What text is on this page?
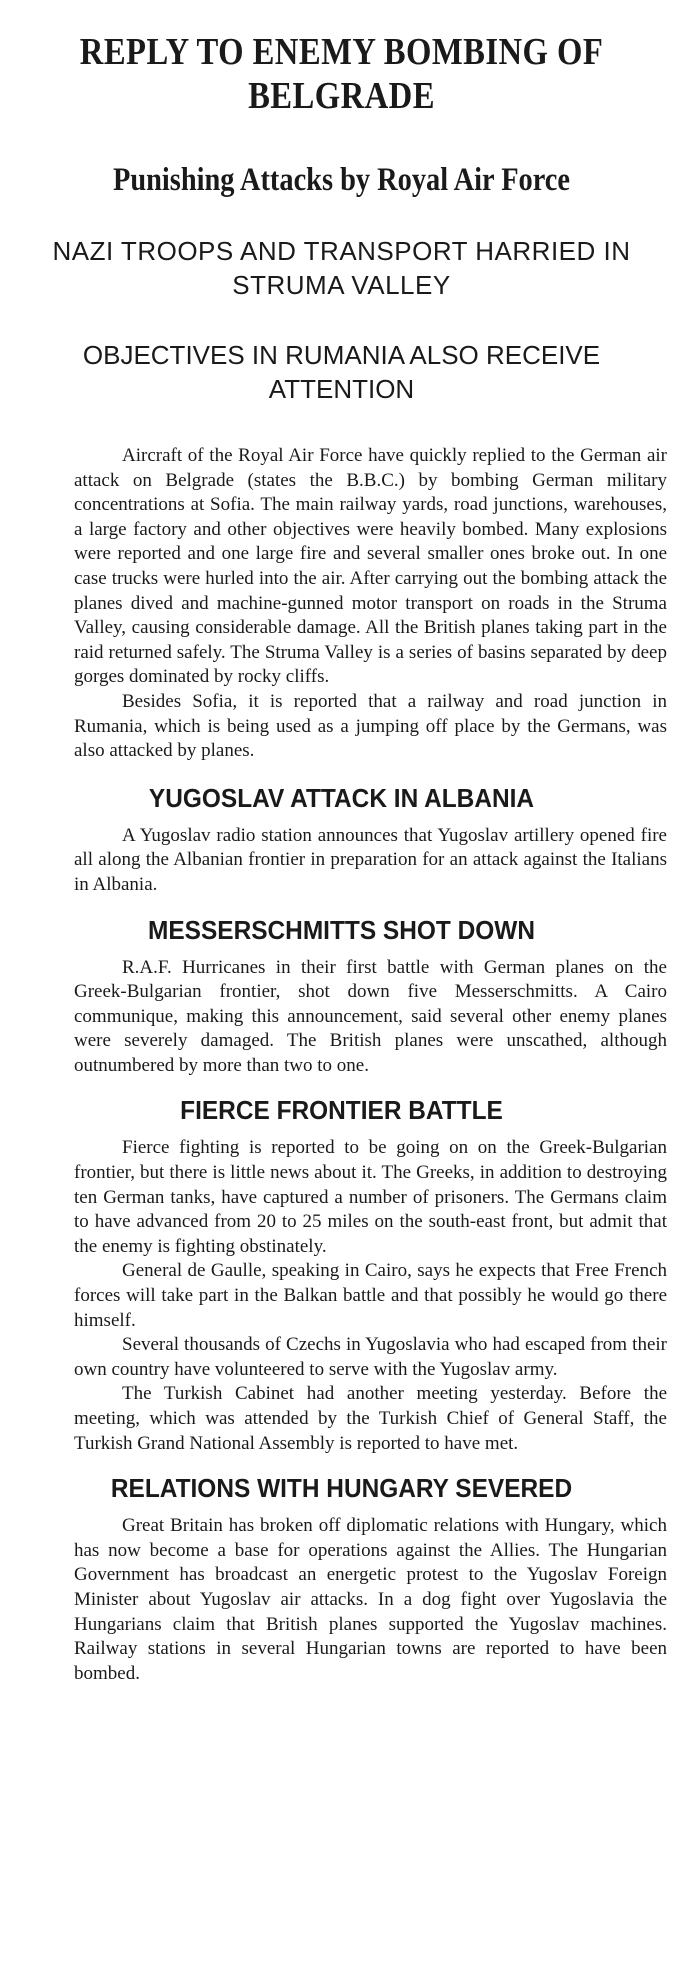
REPLY TO ENEMY BOMBING OF BELGRADE
Punishing Attacks by Royal Air Force
NAZI TROOPS AND TRANSPORT HARRIED IN STRUMA VALLEY
OBJECTIVES IN RUMANIA ALSO RECEIVE ATTENTION

Aircraft of the Royal Air Force have quickly replied to the German air attack on Belgrade (states the B.B.C.) by bombing German military concentrations at Sofia. The main railway yards, road junctions, warehouses, a large factory and other objectives were heavily bombed. Many explosions were reported and one large fire and several smaller ones broke out. In one case trucks were hurled into the air. After carrying out the bombing attack the planes dived and machine-gunned motor transport on roads in the Struma Valley, causing considerable damage. All the British planes taking part in the raid returned safely. The Struma Valley is a series of basins separated by deep gorges dominated by rocky cliffs.

Besides Sofia, it is reported that a railway and road junction in Rumania, which is being used as a jumping off place by the Germans, was also attacked by planes.

YUGOSLAV ATTACK IN ALBANIA

A Yugoslav radio station announces that Yugoslav artillery opened fire all along the Albanian frontier in preparation for an attack against the Italians in Albania.

MESSERSCHMITTS SHOT DOWN

R.A.F. Hurricanes in their first battle with German planes on the Greek-Bulgarian frontier, shot down five Messerschmitts. A Cairo communique, making this announcement, said several other enemy planes were severely damaged. The British planes were unscathed, although outnumbered by more than two to one.

FIERCE FRONTIER BATTLE

Fierce fighting is reported to be going on on the Greek-Bulgarian frontier, but there is little news about it. The Greeks, in addition to destroying ten German tanks, have captured a number of prisoners. The Germans claim to have advanced from 20 to 25 miles on the south-east front, but admit that the enemy is fighting obstinately.

General de Gaulle, speaking in Cairo, says he expects that Free French forces will take part in the Balkan battle and that possibly he would go there himself.

Several thousands of Czechs in Yugoslavia who had escaped from their own country have volunteered to serve with the Yugoslav army.

The Turkish Cabinet had another meeting yesterday. Before the meeting, which was attended by the Turkish Chief of General Staff, the Turkish Grand National Assembly is reported to have met.

RELATIONS WITH HUNGARY SEVERED

Great Britain has broken off diplomatic relations with Hungary, which has now become a base for operations against the Allies. The Hungarian Government has broadcast an energetic protest to the Yugoslav Foreign Minister about Yugoslav air attacks. In a dog fight over Yugoslavia the Hungarians claim that British planes supported the Yugoslav machines. Railway stations in several Hungarian towns are reported to have been bombed.
